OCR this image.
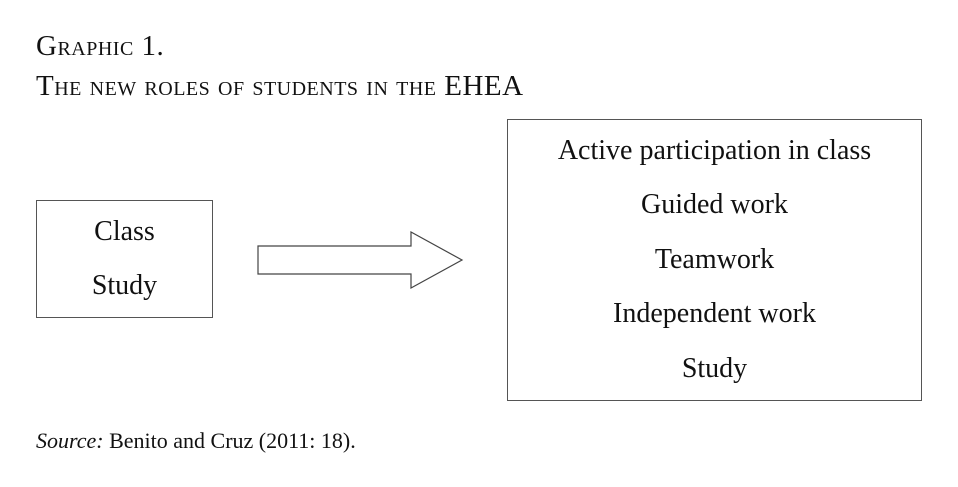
Graphic 1.
The new roles of students in the EHEA
Class
Study
Active participation in class
Guided work
Teamwork
Independent work
Study
Source: Benito and Cruz (2011: 18).
